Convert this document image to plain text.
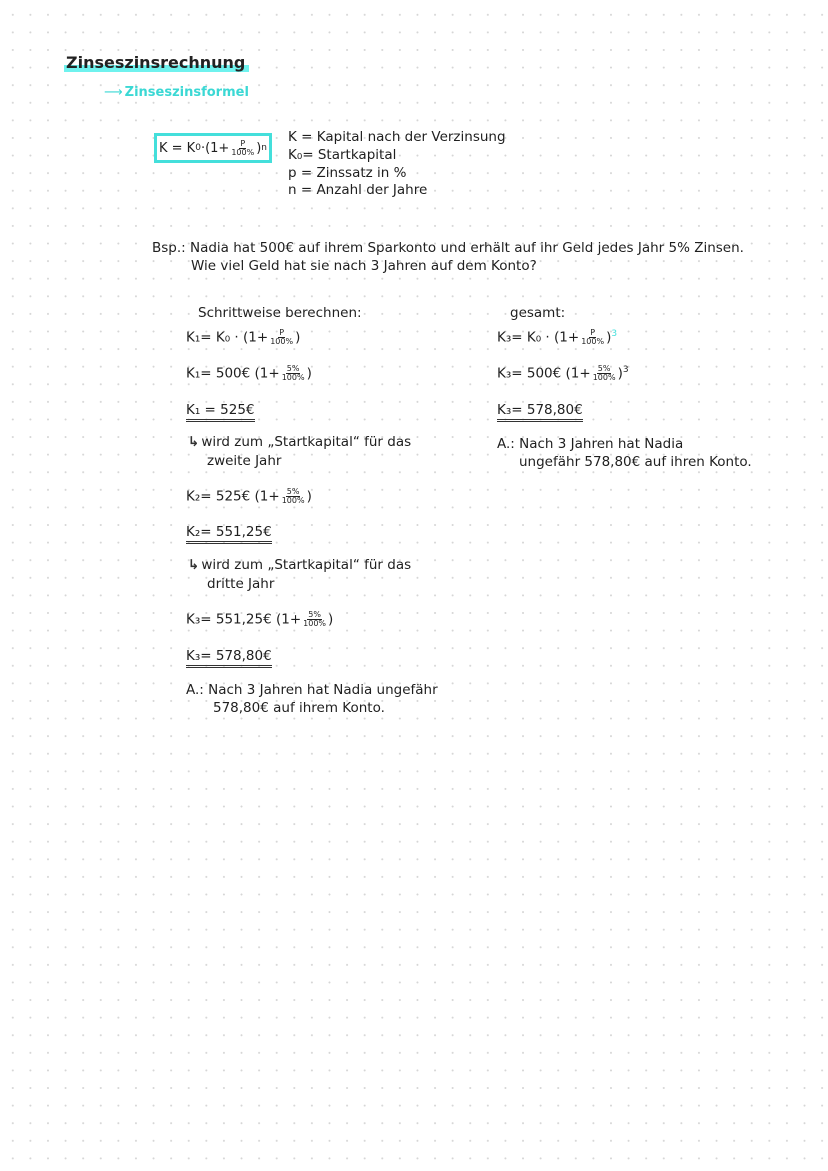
Zinseszinsrechnung
⟶ Zinseszinsformel
K = K $0 \cdot (1+ \frac{P}{100\%}$ ) n
K = Kapital nach der Verzinsung
K₀= Startkapital
p = Zinssatz in %
n = Anzahl der Jahre
Bsp.: Nadia hat 500€ auf ihrem Sparkonto und erhält auf ihr Geld jedes Jahr 5% Zinsen.
Wie viel Geld hat sie nach 3 Jahren auf dem Konto?
Schrittweise berechnen:
$K_1= K_0 \cdot (1+ \frac{P}{100\%}$ )
K₁= 500€ ($1+ \frac{5\%}{100\%}$ )
K₁ = 525€
↳ wird zum „Startkapital“ für das
zweite Jahr
K₂= 525€ ($1+ \frac{5\%}{100\%}$ )
K₂= 551,25€
↳ wird zum „Startkapital“ für das
dritte Jahr
K₃= 551,25€ ($1+ \frac{5\%}{100\%}$ )
K₃= 578,80€
A.: Nach 3 Jahren hat Nadia ungefähr
578,80€ auf ihrem Konto.
gesamt:
$K_3= K_0 \cdot (1+ \frac{P}{100\%} )^3$
K₃= 500€ $(1+ \frac{5\%}{100\%} )^3$
K₃= 578,80€
A.: Nach 3 Jahren hat Nadia
ungefähr 578,80€ auf ihren Konto.
